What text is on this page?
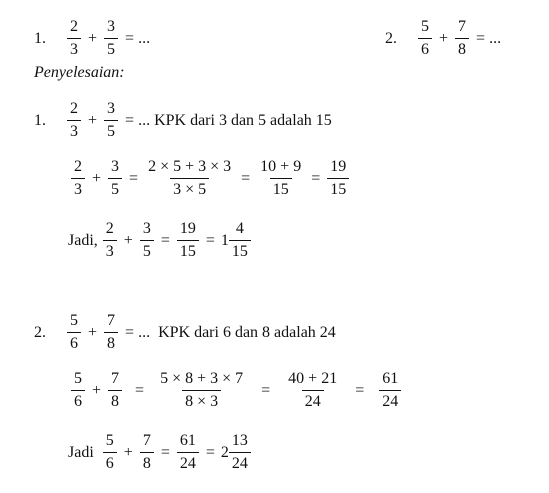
1. $\frac{2}{3} + \frac{3}{5}$ = ...	2. $\frac{5}{6} + \frac{7}{8}$ = ...
Penyelesaian:
1. $\frac{2}{3} + \frac{3}{5}$ = ... KPK dari 3 dan 5 adalah 15
$\frac{2}{3} + \frac{3}{5} = \frac{2 \times 5 + 3 \times 3}{3 \times 5} = \frac{10 + 9}{15} = \frac{19}{15}$
Jadi, $\frac{2}{3} + \frac{3}{5} = \frac{19}{15} = 1 \frac{4}{15}$
2. $\frac{5}{6} + \frac{7}{8}$ = ...  KPK dari 6 dan 8 adalah 24
$\frac{5}{6} + \frac{7}{8} = \frac{5 \times 8 + 3 \times 7}{8 \times 3} = \frac{40 + 21}{24} = \frac{61}{24}$
Jadi $\frac{5}{6} + \frac{7}{8} = \frac{61}{24} = 2 \frac{13}{24}$
